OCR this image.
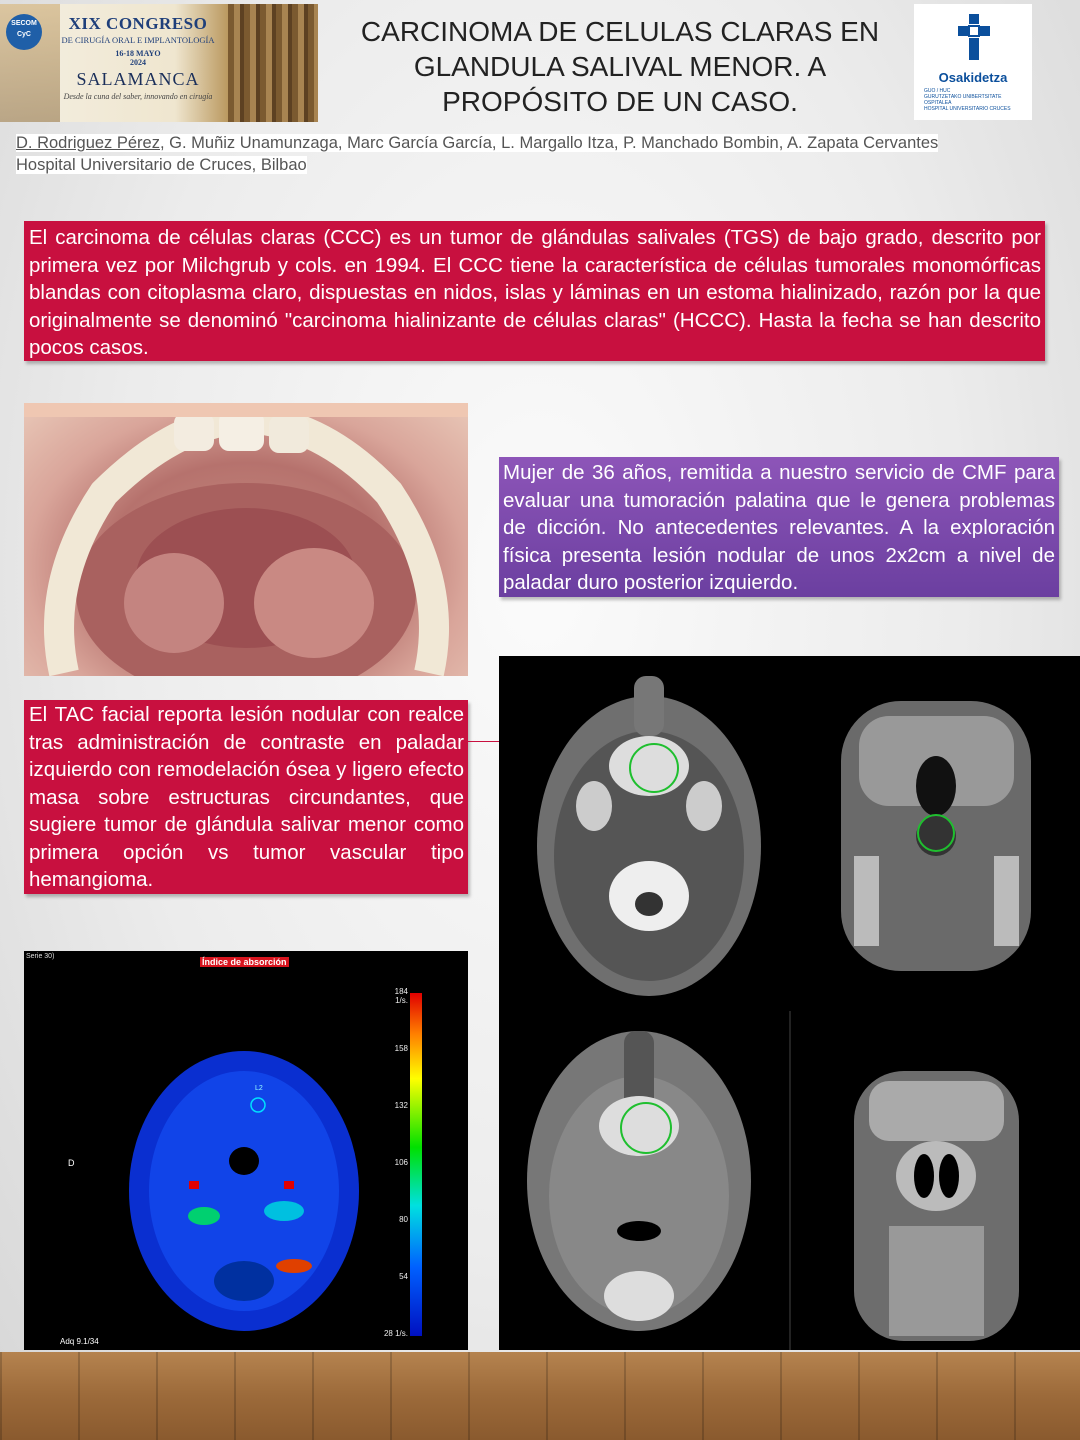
SECOM CyC
XIX CONGRESO
DE CIRUGÍA ORAL E IMPLANTOLOGÍA
16-18 MAYO
2024
SALAMANCA
Desde la cuna del saber, innovando en cirugía
CARCINOMA DE CELULAS CLARAS EN GLANDULA SALIVAL MENOR. A PROPÓSITO DE UN CASO.
Osakidetza
GUO / HUC
GURUTZETAKO UNIBERTSITATE OSPITALEA
HOSPITAL UNIVERSITARIO CRUCES
D. Rodriguez Pérez, G. Muñiz Unamunzaga, Marc García García, L. Margallo Itza, P. Manchado Bombin, A. Zapata Cervantes
Hospital Universitario de Cruces, Bilbao
El carcinoma de células claras (CCC) es un tumor de glándulas salivales (TGS) de bajo grado, descrito por primera vez por Milchgrub y cols. en 1994. El CCC tiene la característica de células tumorales monomórficas blandas con citoplasma claro, dispuestas en nidos, islas y láminas en un estoma hialinizado, razón por la que originalmente se denominó "carcinoma hialinizante de células claras" (HCCC). Hasta la fecha se han descrito pocos casos.
Mujer de 36 años, remitida a nuestro servicio de CMF para evaluar una tumoración palatina que le genera problemas de dicción. No antecedentes relevantes. A la exploración física presenta lesión nodular de unos 2x2cm a nivel de paladar duro posterior izquierdo.
El TAC facial reporta lesión nodular con realce tras administración de contraste en paladar izquierdo con remodelación ósea y ligero efecto masa sobre estructuras circundantes, que sugiere tumor de glándula salivar menor como primera opción vs tumor vascular tipo hemangioma.
Serie 30)
Índice de absorción
L2
D
184 1/s.
158
132
106
80
54
28 1/s.
Adq 9.1/34
